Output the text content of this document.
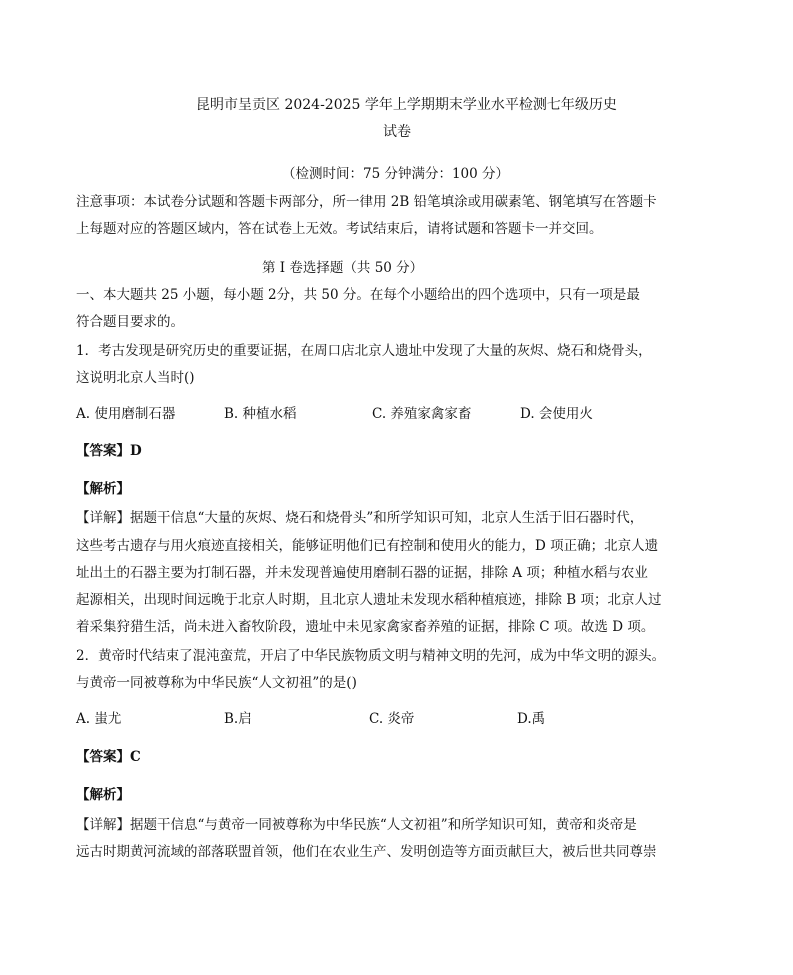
昆明市呈贡区 2024-2025 学年上学期期末学业水平检测七年级历史
试卷
（检测时间：75 分钟满分：100 分）
注意事项：本试卷分试题和答题卡两部分，所一律用 2B 铅笔填涂或用碳素笔、钢笔填写在答题卡
上每题对应的答题区域内，答在试卷上无效。考试结束后，请将试题和答题卡一并交回。
第 I 卷选择题（共 50 分）
一、本大题共 25 小题，每小题 2分，共 50 分。在每个小题给出的四个选项中，只有一项是最
符合题目要求的。
1．考古发现是研究历史的重要证据，在周口店北京人遗址中发现了大量的灰烬、烧石和烧骨头，
这说明北京人当时()
A. 使用磨制石器	B. 种植水稻	C. 养殖家禽家畜	D. 会使用火
【答案】D
【解析】
【详解】据题干信息“大量的灰烬、烧石和烧骨头”和所学知识可知，北京人生活于旧石器时代，
这些考古遗存与用火痕迹直接相关，能够证明他们已有控制和使用火的能力，D 项正确；北京人遗
址出土的石器主要为打制石器，并未发现普遍使用磨制石器的证据，排除 A 项；种植水稻与农业
起源相关，出现时间远晚于北京人时期，且北京人遗址未发现水稻种植痕迹，排除 B 项；北京人过
着采集狩猎生活，尚未进入畜牧阶段，遗址中未见家禽家畜养殖的证据，排除 C 项。故选 D 项。
2．黄帝时代结束了混沌蛮荒，开启了中华民族物质文明与精神文明的先河，成为中华文明的源头。
与黄帝一同被尊称为中华民族“人文初祖”的是()
A. 蚩尤	B.启	C. 炎帝	D.禹
【答案】C
【解析】
【详解】据题干信息“与黄帝一同被尊称为中华民族“人文初祖”和所学知识可知，黄帝和炎帝是
远古时期黄河流域的部落联盟首领，他们在农业生产、发明创造等方面贡献巨大，被后世共同尊崇
